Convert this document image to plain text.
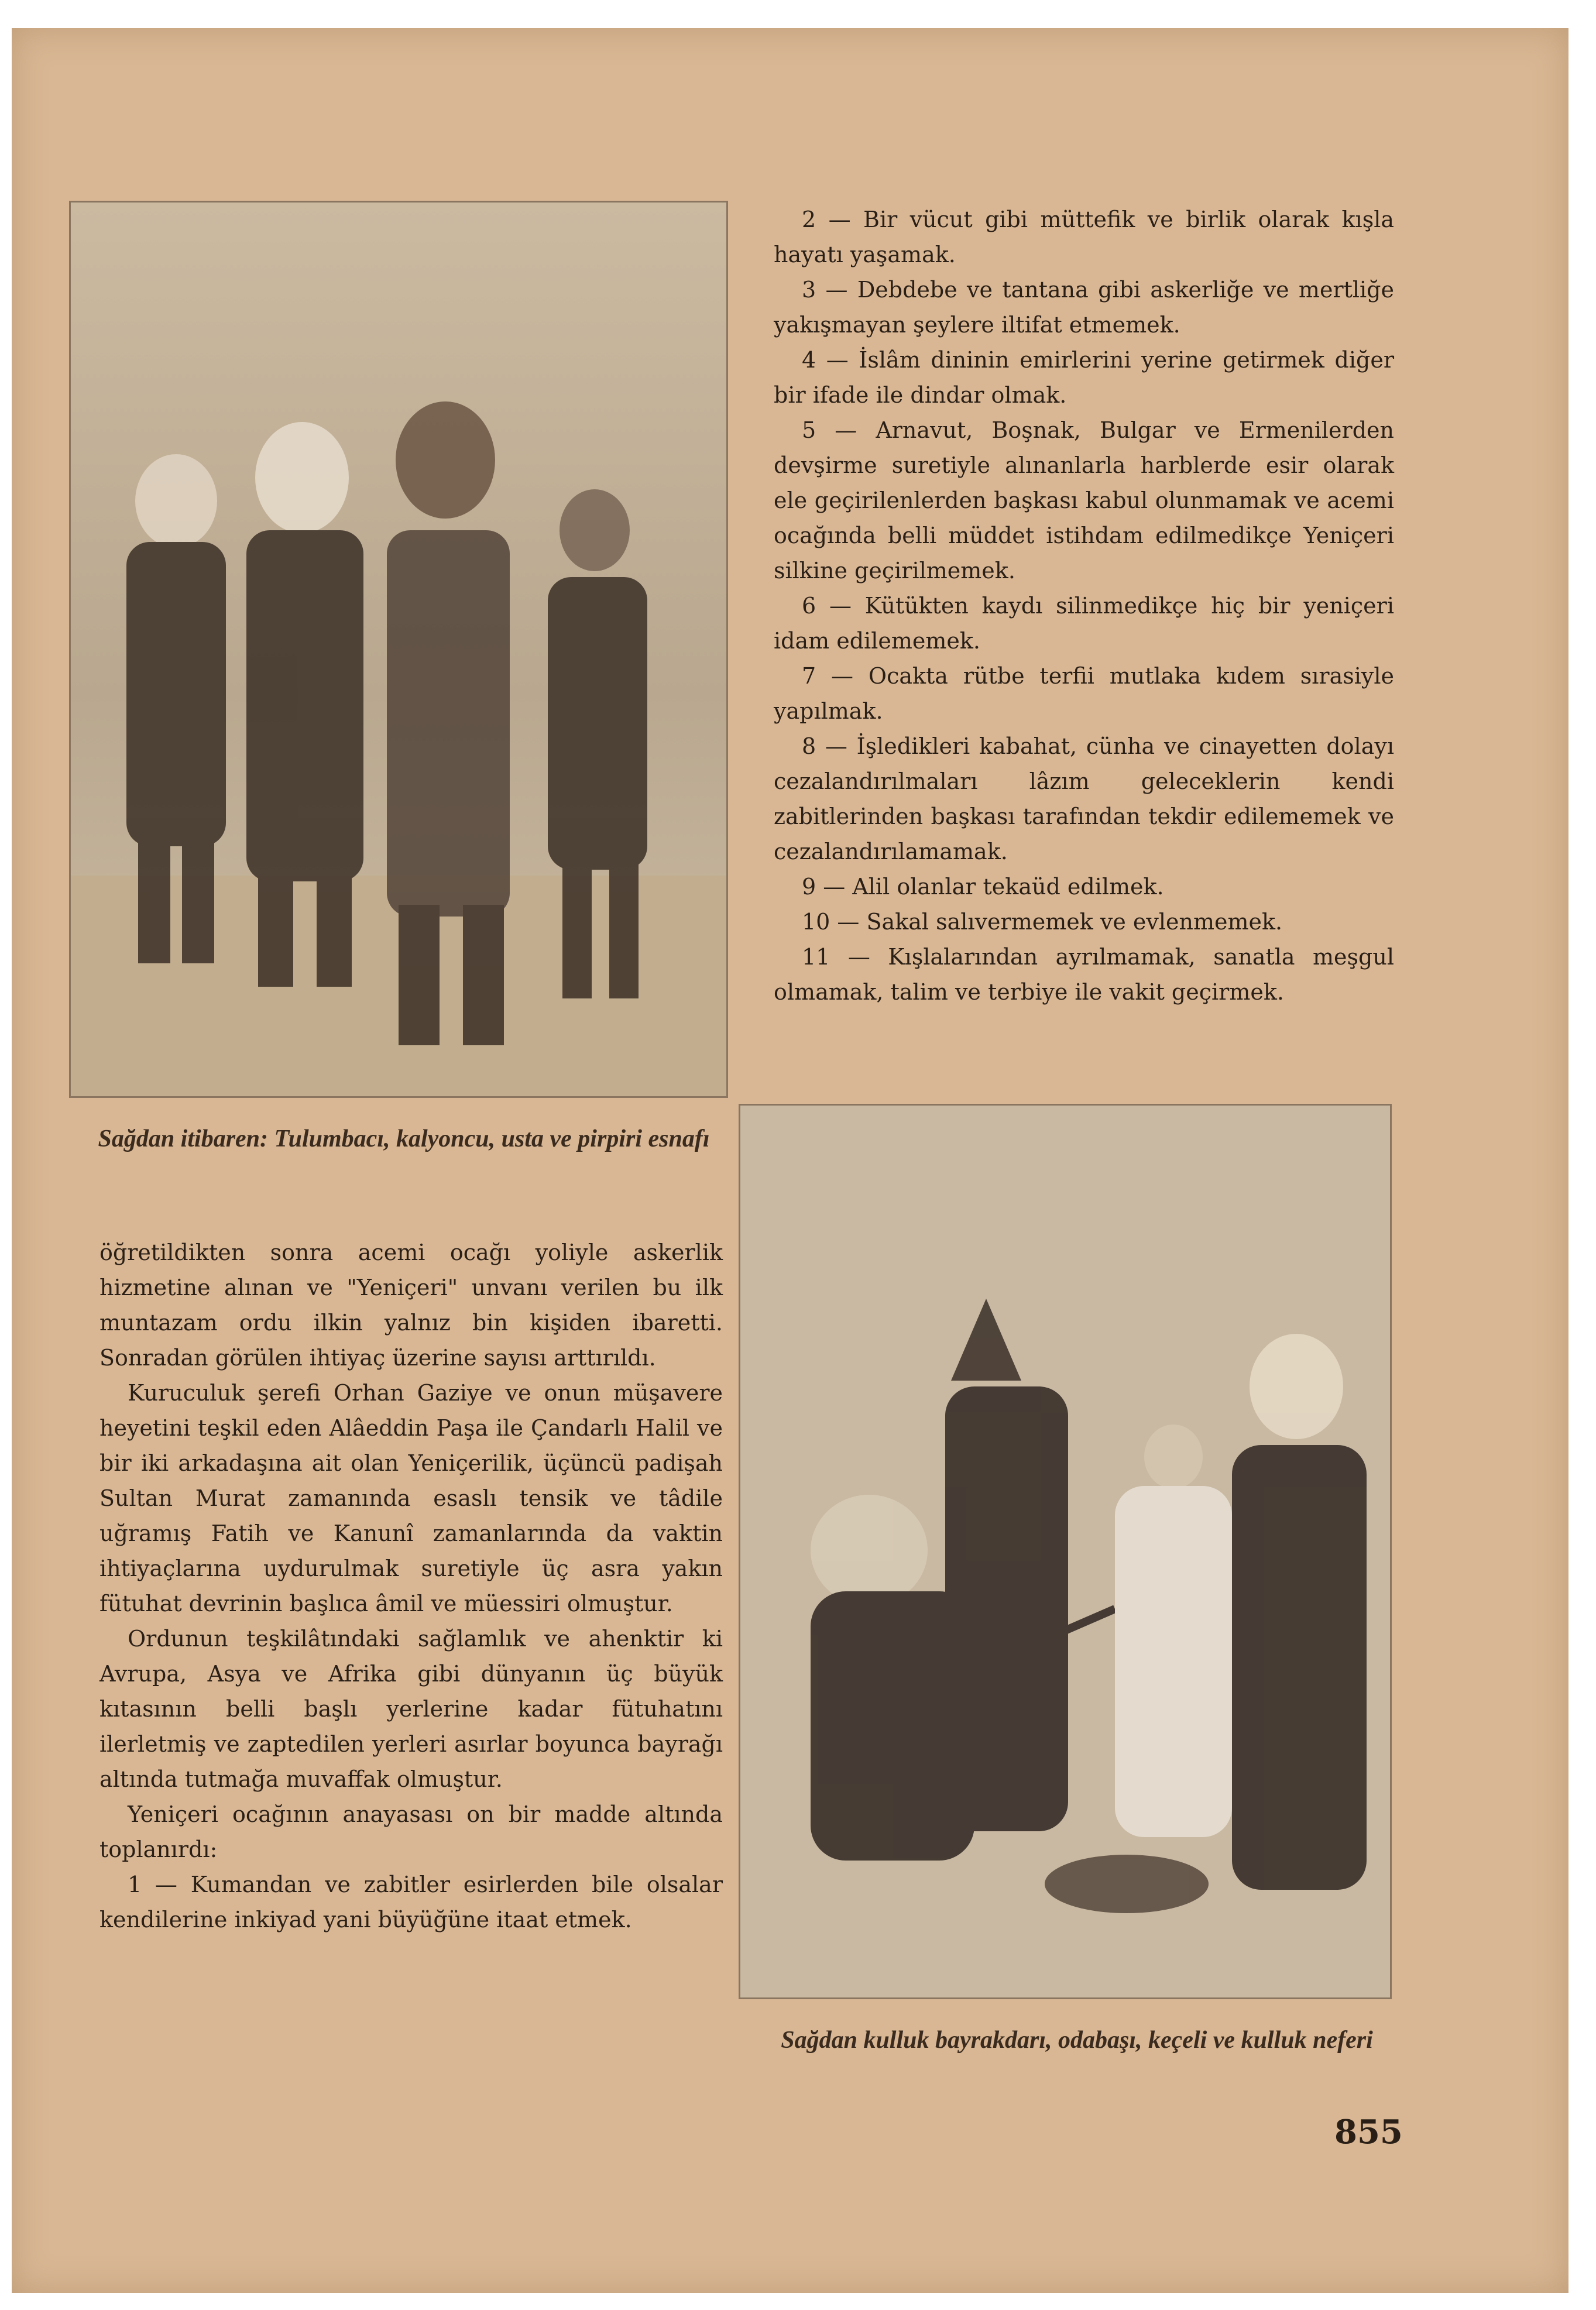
Sağdan itibaren: Tulumbacı, kalyoncu, usta ve pirpiri esnafı
Sağdan kulluk bayrakdarı, odabaşı, keçeli ve kulluk neferi

2 — Bir vücut gibi müttefik ve birlik olarak kışla hayatı yaşamak.

3 — Debdebe ve tantana gibi askerliğe ve mertliğe yakışmayan şeylere iltifat etmemek.

4 — İslâm dininin emirlerini yerine getirmek diğer bir ifade ile dindar olmak.

5 — Arnavut, Boşnak, Bulgar ve Ermenilerden devşirme suretiyle alınanlarla harblerde esir olarak ele geçirilenlerden başkası kabul olunmamak ve acemi ocağında belli müddet istihdam edilmedikçe Yeniçeri silkine geçirilmemek.

6 — Kütükten kaydı silinmedikçe hiç bir yeniçeri idam edilememek.

7 — Ocakta rütbe terfii mutlaka kıdem sırasiyle yapılmak.

8 — İşledikleri kabahat, cünha ve cinayetten dolayı cezalandırılmaları lâzım geleceklerin kendi zabitlerinden başkası tarafından tekdir edilememek ve cezalandırılamamak.

9 — Alil olanlar tekaüd edilmek.

10 — Sakal salıvermemek ve evlenmemek.

11 — Kışlalarından ayrılmamak, sanatla meşgul olmamak, talim ve terbiye ile vakit geçirmek.

öğretildikten sonra acemi ocağı yoliyle askerlik hizmetine alınan ve "Yeniçeri" unvanı verilen bu ilk muntazam ordu ilkin yalnız bin kişiden ibaretti. Sonradan görülen ihtiyaç üzerine sayısı arttırıldı.

Kuruculuk şerefi Orhan Gaziye ve onun müşavere heyetini teşkil eden Alâeddin Paşa ile Çandarlı Halil ve bir iki arkadaşına ait olan Yeniçerilik, üçüncü padişah Sultan Murat zamanında esaslı tensik ve tâdile uğramış Fatih ve Kanunî zamanlarında da vaktin ihtiyaçlarına uydurulmak suretiyle üç asra yakın fütuhat devrinin başlıca âmil ve müessiri olmuştur.

Ordunun teşkilâtındaki sağlamlık ve ahenktir ki Avrupa, Asya ve Afrika gibi dünyanın üç büyük kıtasının belli başlı yerlerine kadar fütuhatını ilerletmiş ve zaptedilen yerleri asırlar boyunca bayrağı altında tutmağa muvaffak olmuştur.

Yeniçeri ocağının anayasası on bir madde altında toplanırdı:

1 — Kumandan ve zabitler esirlerden bile olsalar kendilerine inkiyad yani büyüğüne itaat etmek.

855
